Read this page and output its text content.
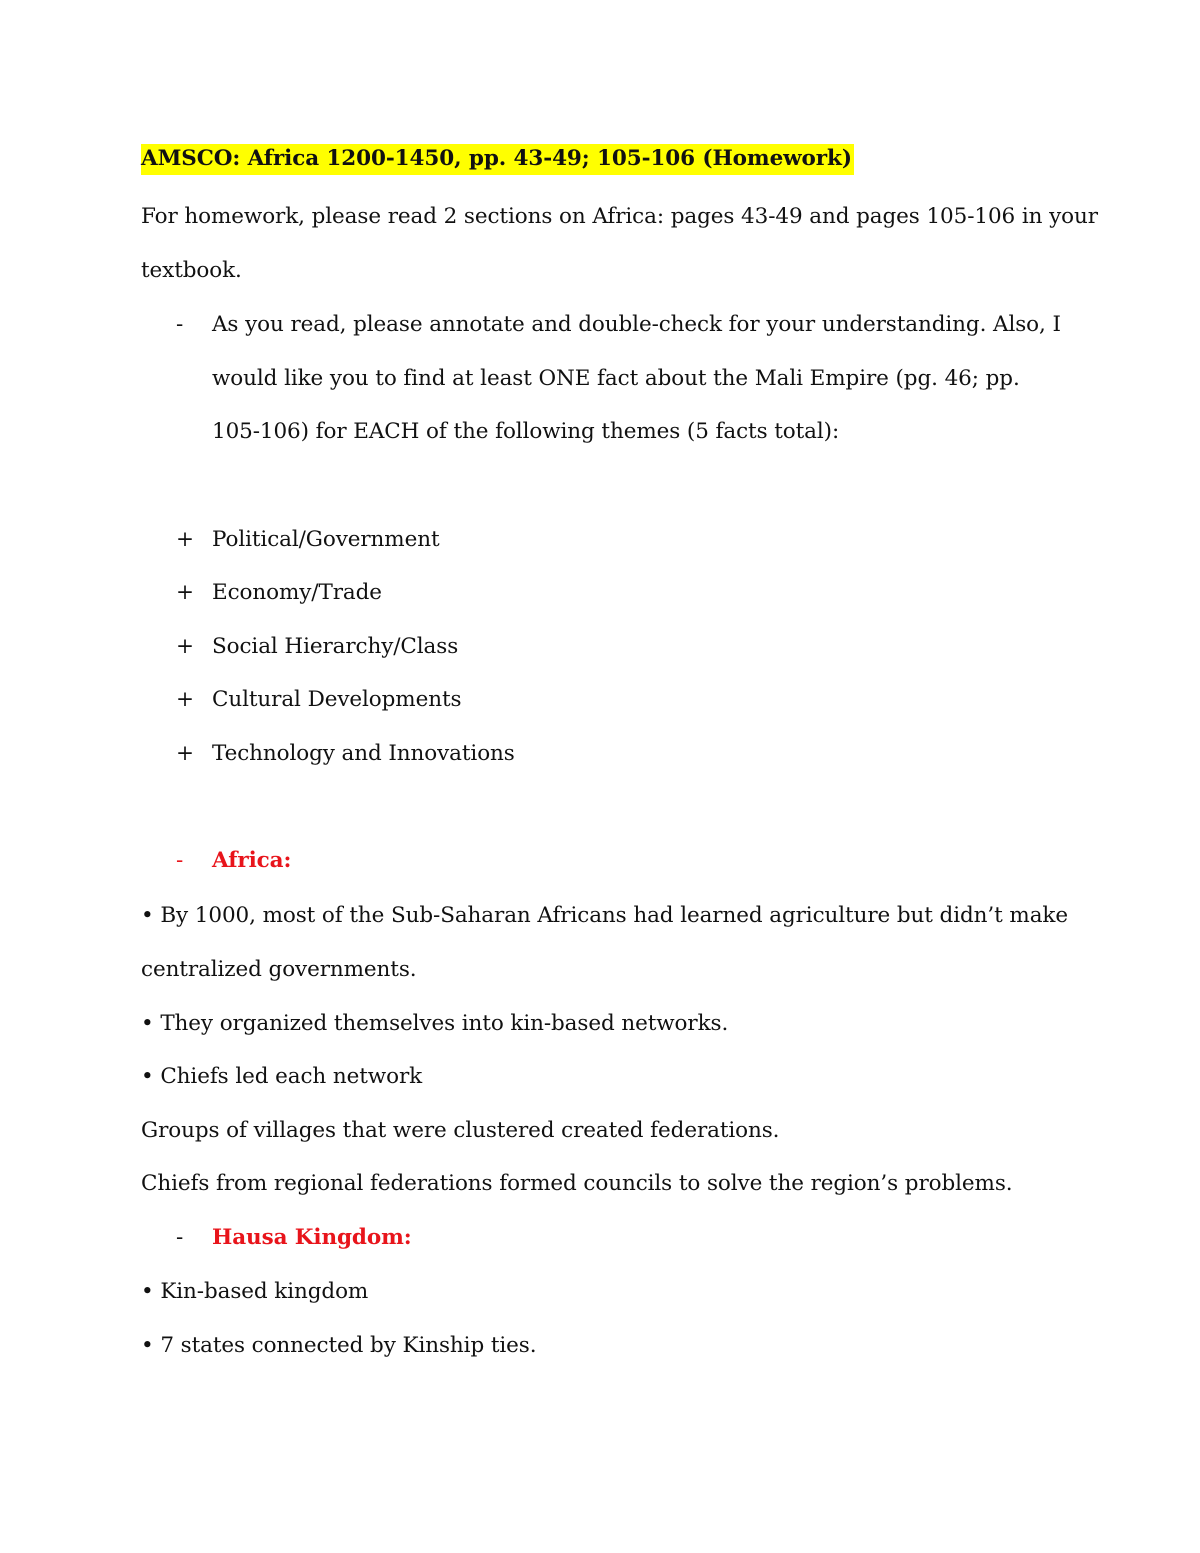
AMSCO: Africa 1200-1450, pp. 43-49; 105-106 (Homework)
For homework, please read 2 sections on Africa: pages 43-49 and pages 105-106 in your
textbook.
- As you read, please annotate and double-check for your understanding. Also, I
would like you to find at least ONE fact about the Mali Empire (pg. 46; pp.
105-106) for EACH of the following themes (5 facts total):
+ Political/Government
+ Economy/Trade
+ Social Hierarchy/Class
+ Cultural Developments
+ Technology and Innovations
- Africa:
• By 1000, most of the Sub-Saharan Africans had learned agriculture but didn’t make
centralized governments.
• They organized themselves into kin-based networks.
• Chiefs led each network
Groups of villages that were clustered created federations.
Chiefs from regional federations formed councils to solve the region’s problems.
- Hausa Kingdom:
• Kin-based kingdom
• 7 states connected by Kinship ties.
